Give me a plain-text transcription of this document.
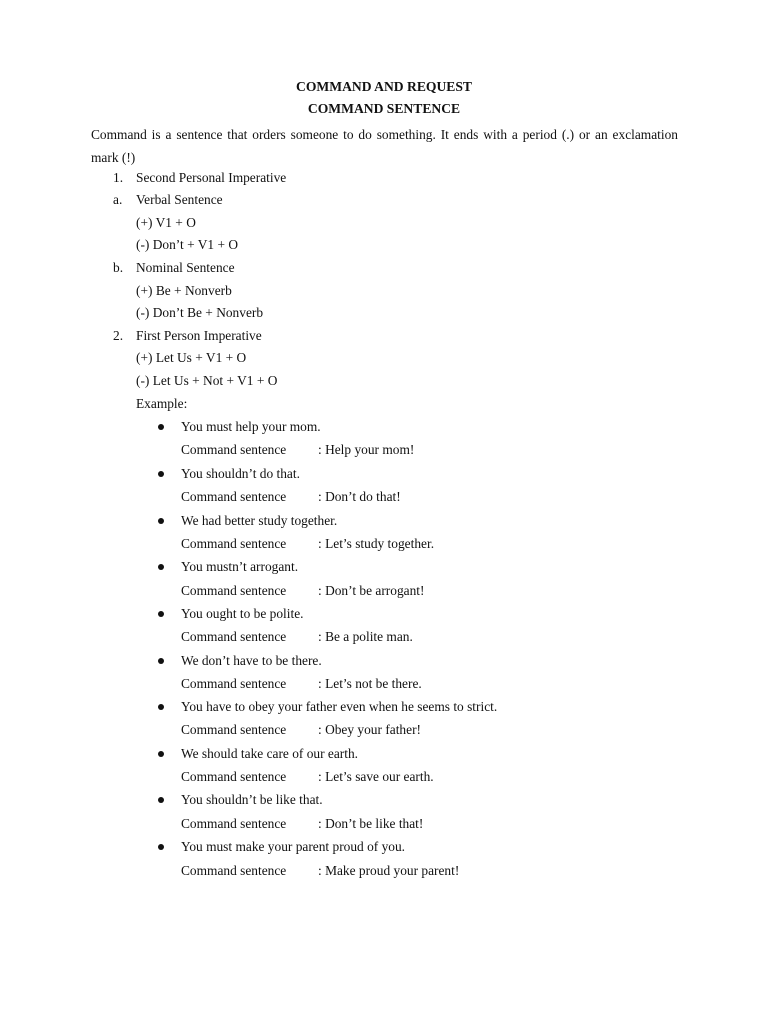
COMMAND AND REQUEST
COMMAND SENTENCE
Command is a sentence that orders someone to do something. It ends with a period (.) or an exclamation mark (!)
1. Second Personal Imperative
a. Verbal Sentence
(+) V1 + O
(-) Don’t + V1 + O
b. Nominal Sentence
(+) Be + Nonverb
(-) Don’t Be + Nonverb
2. First Person Imperative
(+) Let Us + V1 + O
(-) Let Us + Not + V1 + O
Example:
You must help your mom.
Command sentence : Help your mom!
You shouldn’t do that.
Command sentence : Don’t do that!
We had better study together.
Command sentence : Let’s study together.
You mustn’t arrogant.
Command sentence : Don’t be arrogant!
You ought to be polite.
Command sentence : Be a polite man.
We don’t have to be there.
Command sentence : Let’s not be there.
You have to obey your father even when he seems to strict.
Command sentence : Obey your father!
We should take care of our earth.
Command sentence : Let’s save our earth.
You shouldn’t be like that.
Command sentence : Don’t be like that!
You must make your parent proud of you.
Command sentence : Make proud your parent!
